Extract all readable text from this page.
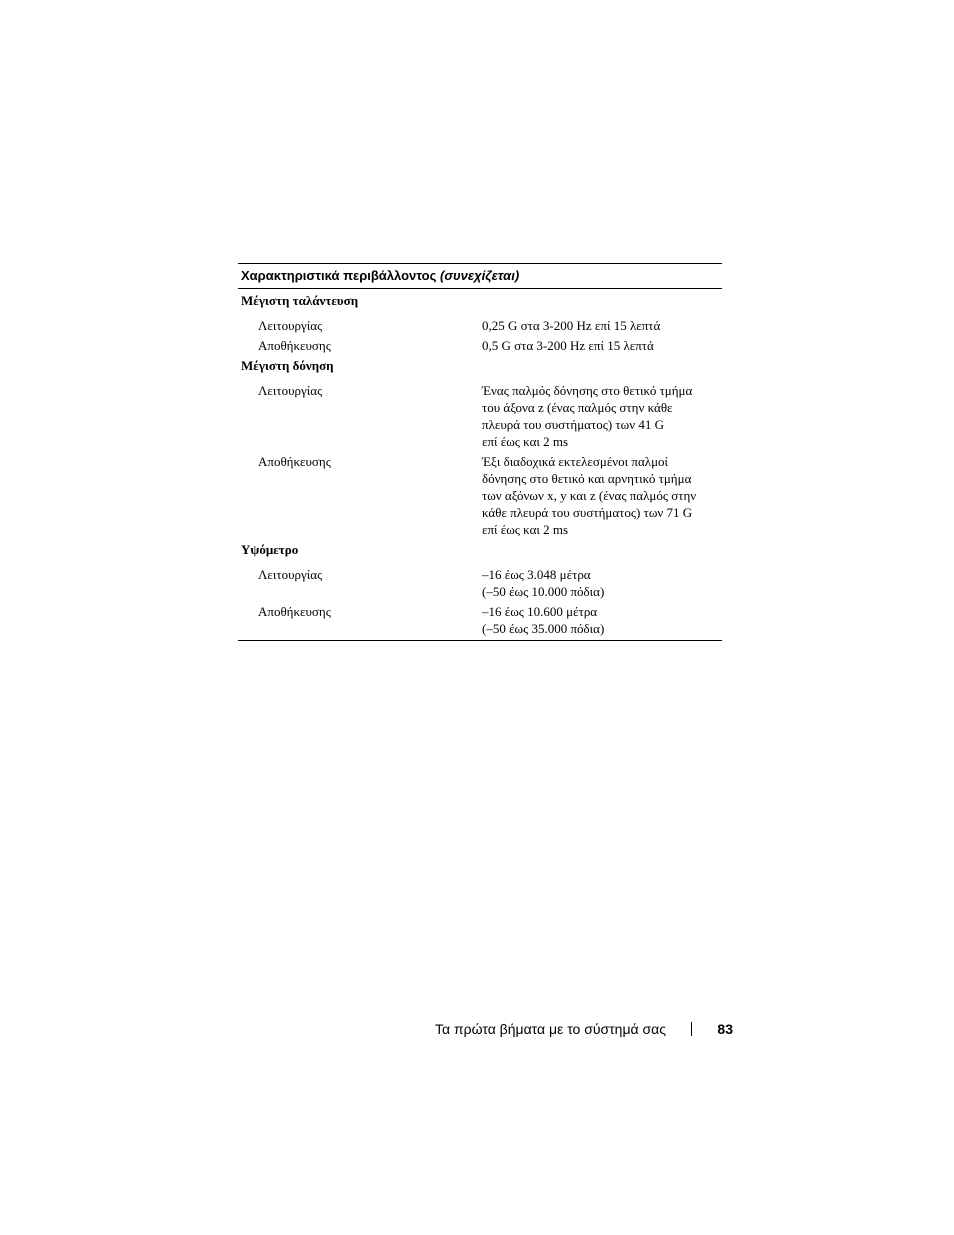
Χαρακτηριστικά περιβάλλοντος (συνεχίζεται)
Μέγιστη ταλάντευση
Λειτουργίας	0,25 G στα 3-200 Hz επί 15 λεπτά
Αποθήκευσης	0,5 G στα 3-200 Hz επί 15 λεπτά
Μέγιστη δόνηση
Λειτουργίας	Ένας παλμός δόνησης στο θετικό τμήμα
του άξονα z (ένας παλμός στην κάθε
πλευρά του συστήματος) των 41 G
επί έως και 2 ms
Αποθήκευσης	Έξι διαδοχικά εκτελεσμένοι παλμοί
δόνησης στο θετικό και αρνητικό τμήμα
των αξόνων x, y και z (ένας παλμός στην
κάθε πλευρά του συστήματος) των 71 G
επί έως και 2 ms
Υψόμετρο
Λειτουργίας	–16 έως 3.048 μέτρα
(–50 έως 10.000 πόδια)
Αποθήκευσης	–16 έως 10.600 μέτρα
(–50 έως 35.000 πόδια)
Τα πρώτα βήματα με το σύστημά σας	83
